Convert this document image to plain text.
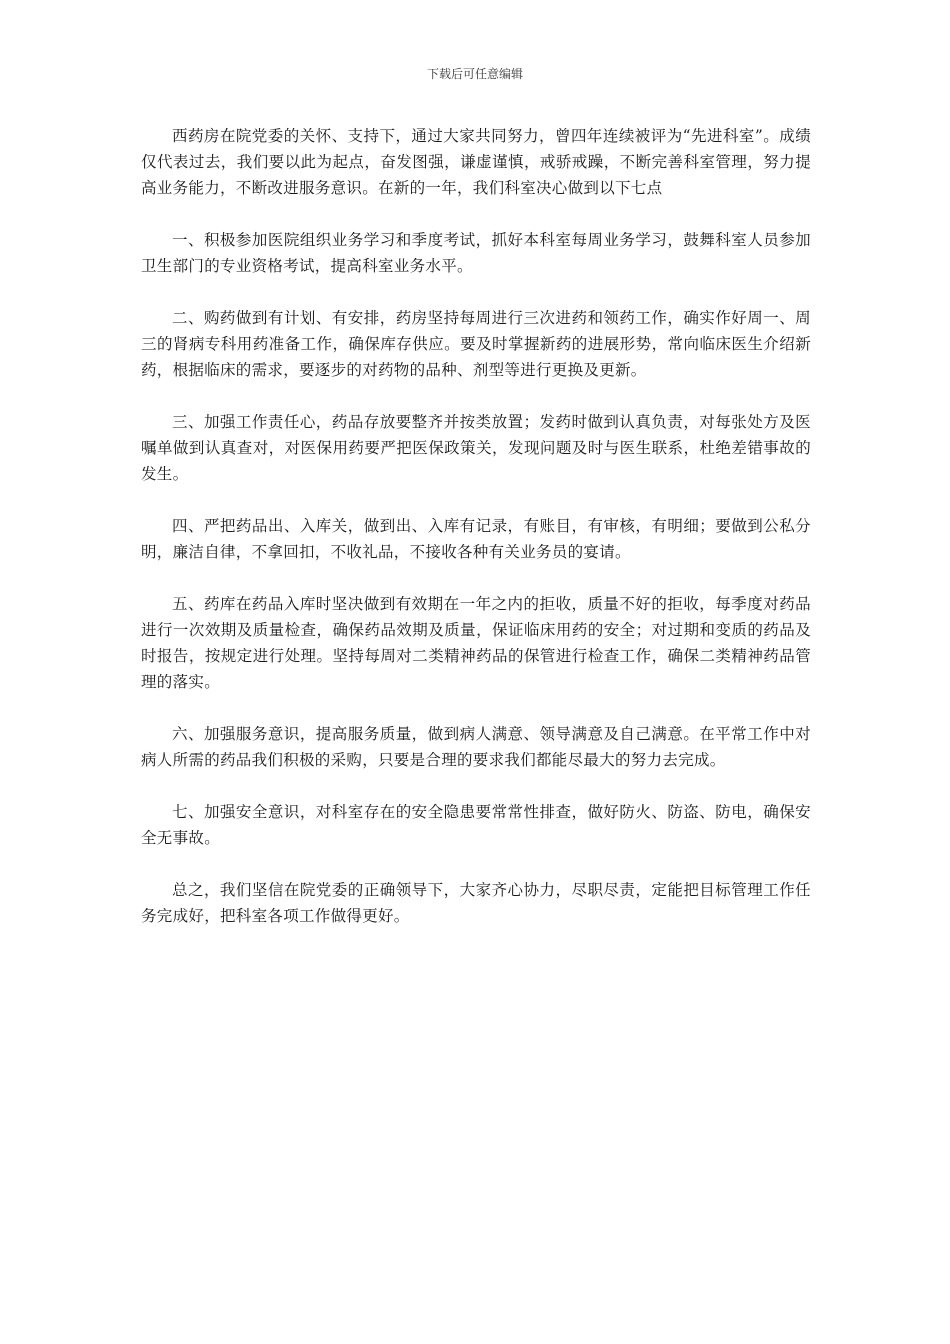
下载后可任意编辑

西药房在院党委的关怀、支持下，通过大家共同努力，曾四年连续被评为“先进科室”。成绩仅代表过去，我们要以此为起点，奋发图强，谦虚谨慎，戒骄戒躁，不断完善科室管理，努力提高业务能力，不断改进服务意识。在新的一年，我们科室决心做到以下七点

一、积极参加医院组织业务学习和季度考试，抓好本科室每周业务学习，鼓舞科室人员参加卫生部门的专业资格考试，提高科室业务水平。

二、购药做到有计划、有安排，药房坚持每周进行三次进药和领药工作，确实作好周一、周三的肾病专科用药准备工作，确保库存供应。要及时掌握新药的进展形势，常向临床医生介绍新药，根据临床的需求，要逐步的对药物的品种、剂型等进行更换及更新。

三、加强工作责任心，药品存放要整齐并按类放置；发药时做到认真负责，对每张处方及医嘱单做到认真查对，对医保用药要严把医保政策关，发现问题及时与医生联系，杜绝差错事故的发生。

四、严把药品出、入库关，做到出、入库有记录，有账目，有审核，有明细；要做到公私分明，廉洁自律，不拿回扣，不收礼品，不接收各种有关业务员的宴请。

五、药库在药品入库时坚决做到有效期在一年之内的拒收，质量不好的拒收，每季度对药品进行一次效期及质量检查，确保药品效期及质量，保证临床用药的安全；对过期和变质的药品及时报告，按规定进行处理。坚持每周对二类精神药品的保管进行检查工作，确保二类精神药品管理的落实。

六、加强服务意识，提高服务质量，做到病人满意、领导满意及自己满意。在平常工作中对病人所需的药品我们积极的采购，只要是合理的要求我们都能尽最大的努力去完成。

七、加强安全意识，对科室存在的安全隐患要常常性排查，做好防火、防盗、防电，确保安全无事故。

总之，我们坚信在院党委的正确领导下，大家齐心协力，尽职尽责，定能把目标管理工作任务完成好，把科室各项工作做得更好。
